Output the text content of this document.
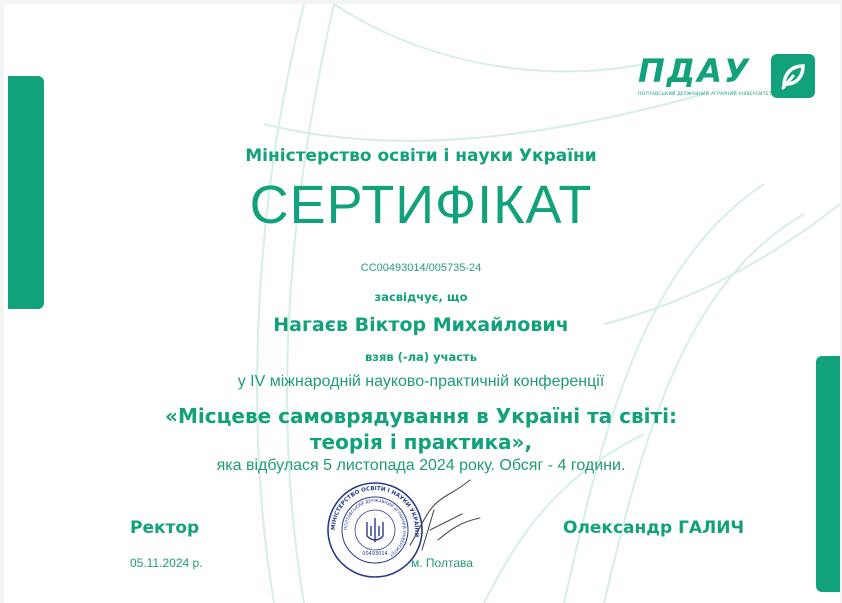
ПДАУ
ПОЛТАВСЬКИЙ ДЕРЖАВНИЙ АГРАРНИЙ УНІВЕРСИТЕТ
Міністерство освіти і науки України
СЕРТИФІКАТ
СС00493014/005735-24
засвідчує, що
Нагаєв Віктор Михайлович
взяв (-ла) участь
у IV міжнародній науково-практичній конференції
«Місцеве самоврядування в Україні та світі:
теорія і практика»,
яка відбулася 5 листопада 2024 року. Обсяг - 4 години.
Ректор
05.11.2024 р.
Олександр ГАЛИЧ
м. Полтава
МІНІСТЕРСТВО ОСВІТИ І НАУКИ УКРАЇНИ
ПОЛТАВСЬКИЙ ДЕРЖАВНИЙ АГРАРНИЙ УНІВЕРСИТЕТ
00493014
